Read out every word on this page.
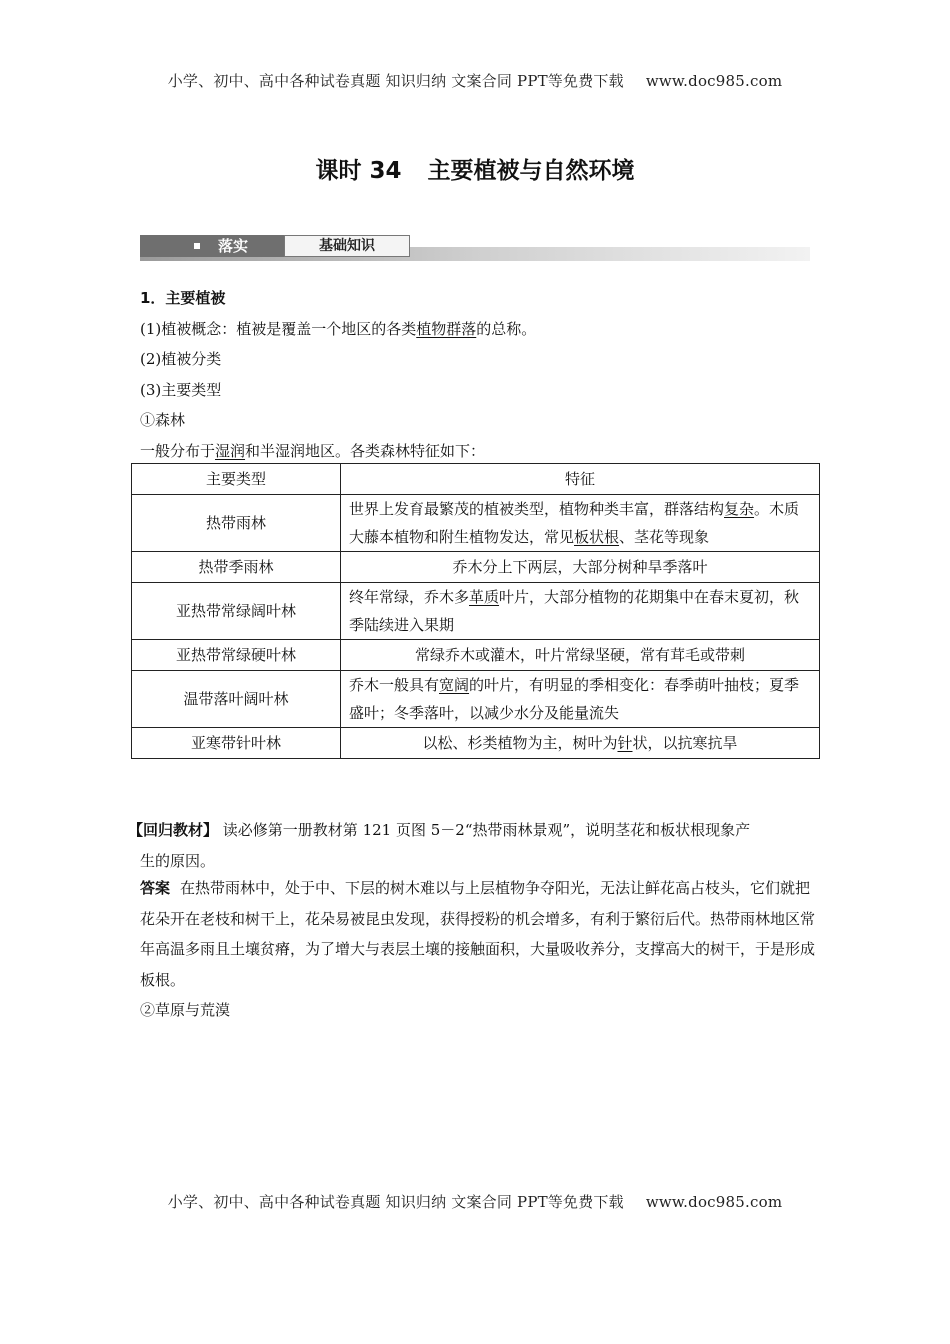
小学、初中、高中各种试卷真题 知识归纳 文案合同 PPT等免费下载 www.doc985.com
课时 34 主要植被与自然环境
落实	基础知识

1．主要植被

(1)植被概念：植被是覆盖一个地区的各类植物群落的总称。

(2)植被分类

(3)主要类型

①森林

一般分布于湿润和半湿润地区。各类森林特征如下：

主要类型	特征
热带雨林	世界上发育最繁茂的植被类型，植物种类丰富，群落结构复杂。木质大藤本植物和附生植物发达，常见板状根、茎花等现象
热带季雨林	乔木分上下两层，大部分树种旱季落叶
亚热带常绿阔叶林	终年常绿，乔木多革质叶片，大部分植物的花期集中在春末夏初，秋季陆续进入果期
亚热带常绿硬叶林	常绿乔木或灌木，叶片常绿坚硬，常有茸毛或带刺
温带落叶阔叶林	乔木一般具有宽阔的叶片，有明显的季相变化：春季萌叶抽枝；夏季盛叶；冬季落叶，以减少水分及能量流失
亚寒带针叶林	以松、杉类植物为主，树叶为针状，以抗寒抗旱

【回归教材】 读必修第一册教材第 121 页图 5－2“热带雨林景观”，说明茎花和板状根现象产

生的原因。

答案 在热带雨林中，处于中、下层的树木难以与上层植物争夺阳光，无法让鲜花高占枝头，它们就把花朵开在老枝和树干上，花朵易被昆虫发现，获得授粉的机会增多，有利于繁衍后代。热带雨林地区常年高温多雨且土壤贫瘠，为了增大与表层土壤的接触面积，大量吸收养分，支撑高大的树干，于是形成板根。

②草原与荒漠

小学、初中、高中各种试卷真题 知识归纳 文案合同 PPT等免费下载 www.doc985.com
